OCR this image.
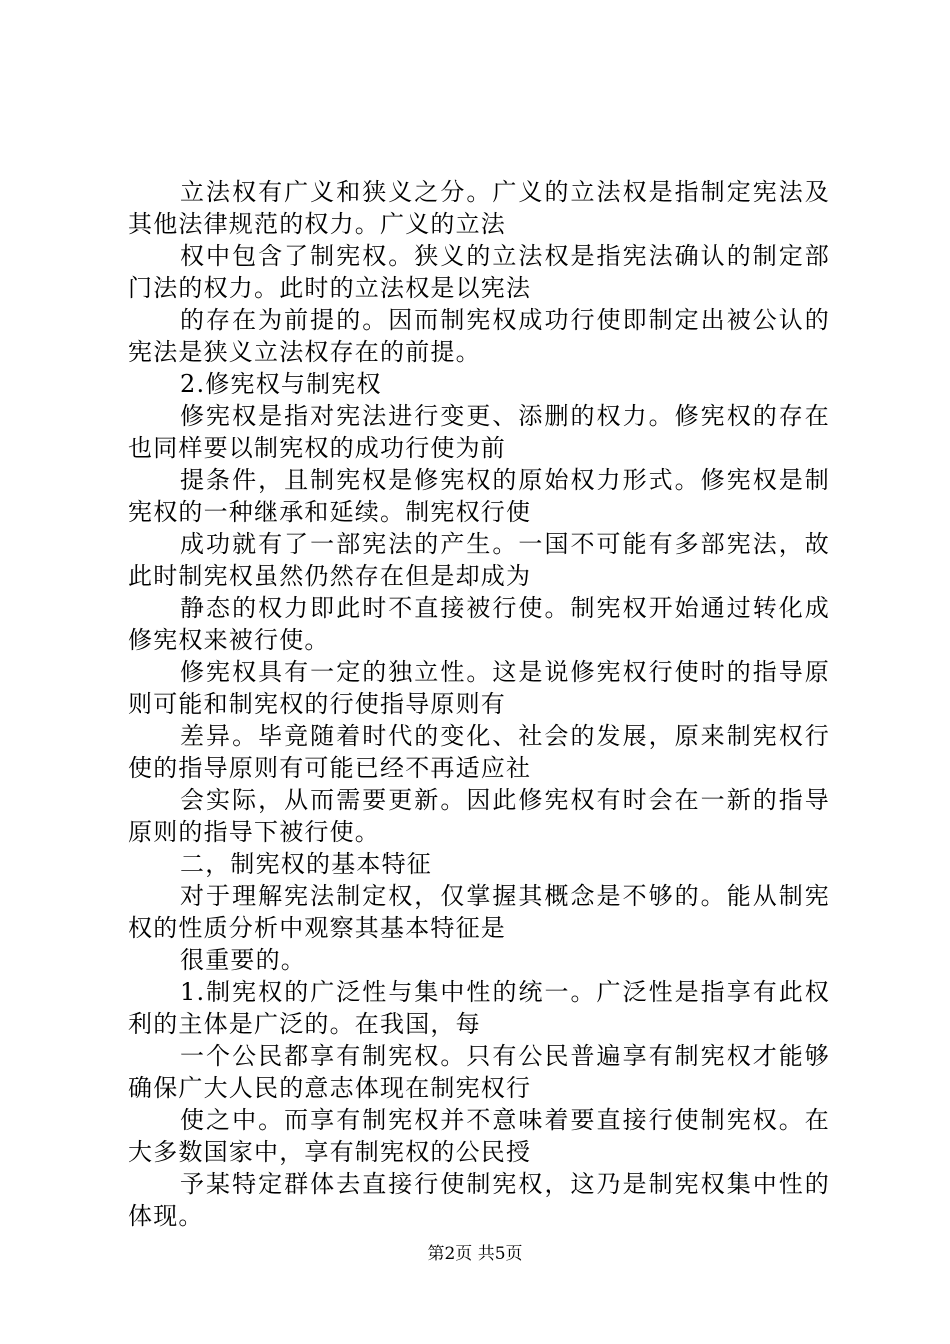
立法权有广义和狭义之分。广义的立法权是指制定宪法及
其他法律规范的权力。广义的立法
权中包含了制宪权。狭义的立法权是指宪法确认的制定部
门法的权力。此时的立法权是以宪法
的存在为前提的。因而制宪权成功行使即制定出被公认的
宪法是狭义立法权存在的前提。
2.修宪权与制宪权
修宪权是指对宪法进行变更、添删的权力。修宪权的存在
也同样要以制宪权的成功行使为前
提条件，且制宪权是修宪权的原始权力形式。修宪权是制
宪权的一种继承和延续。制宪权行使
成功就有了一部宪法的产生。一国不可能有多部宪法，故
此时制宪权虽然仍然存在但是却成为
静态的权力即此时不直接被行使。制宪权开始通过转化成
修宪权来被行使。
修宪权具有一定的独立性。这是说修宪权行使时的指导原
则可能和制宪权的行使指导原则有
差异。毕竟随着时代的变化、社会的发展，原来制宪权行
使的指导原则有可能已经不再适应社
会实际，从而需要更新。因此修宪权有时会在一新的指导
原则的指导下被行使。
二，制宪权的基本特征
对于理解宪法制定权，仅掌握其概念是不够的。能从制宪
权的性质分析中观察其基本特征是
很重要的。
1.制宪权的广泛性与集中性的统一。广泛性是指享有此权
利的主体是广泛的。在我国，每
一个公民都享有制宪权。只有公民普遍享有制宪权才能够
确保广大人民的意志体现在制宪权行
使之中。而享有制宪权并不意味着要直接行使制宪权。在
大多数国家中，享有制宪权的公民授
予某特定群体去直接行使制宪权，这乃是制宪权集中性的
体现。
第2页 共5页
